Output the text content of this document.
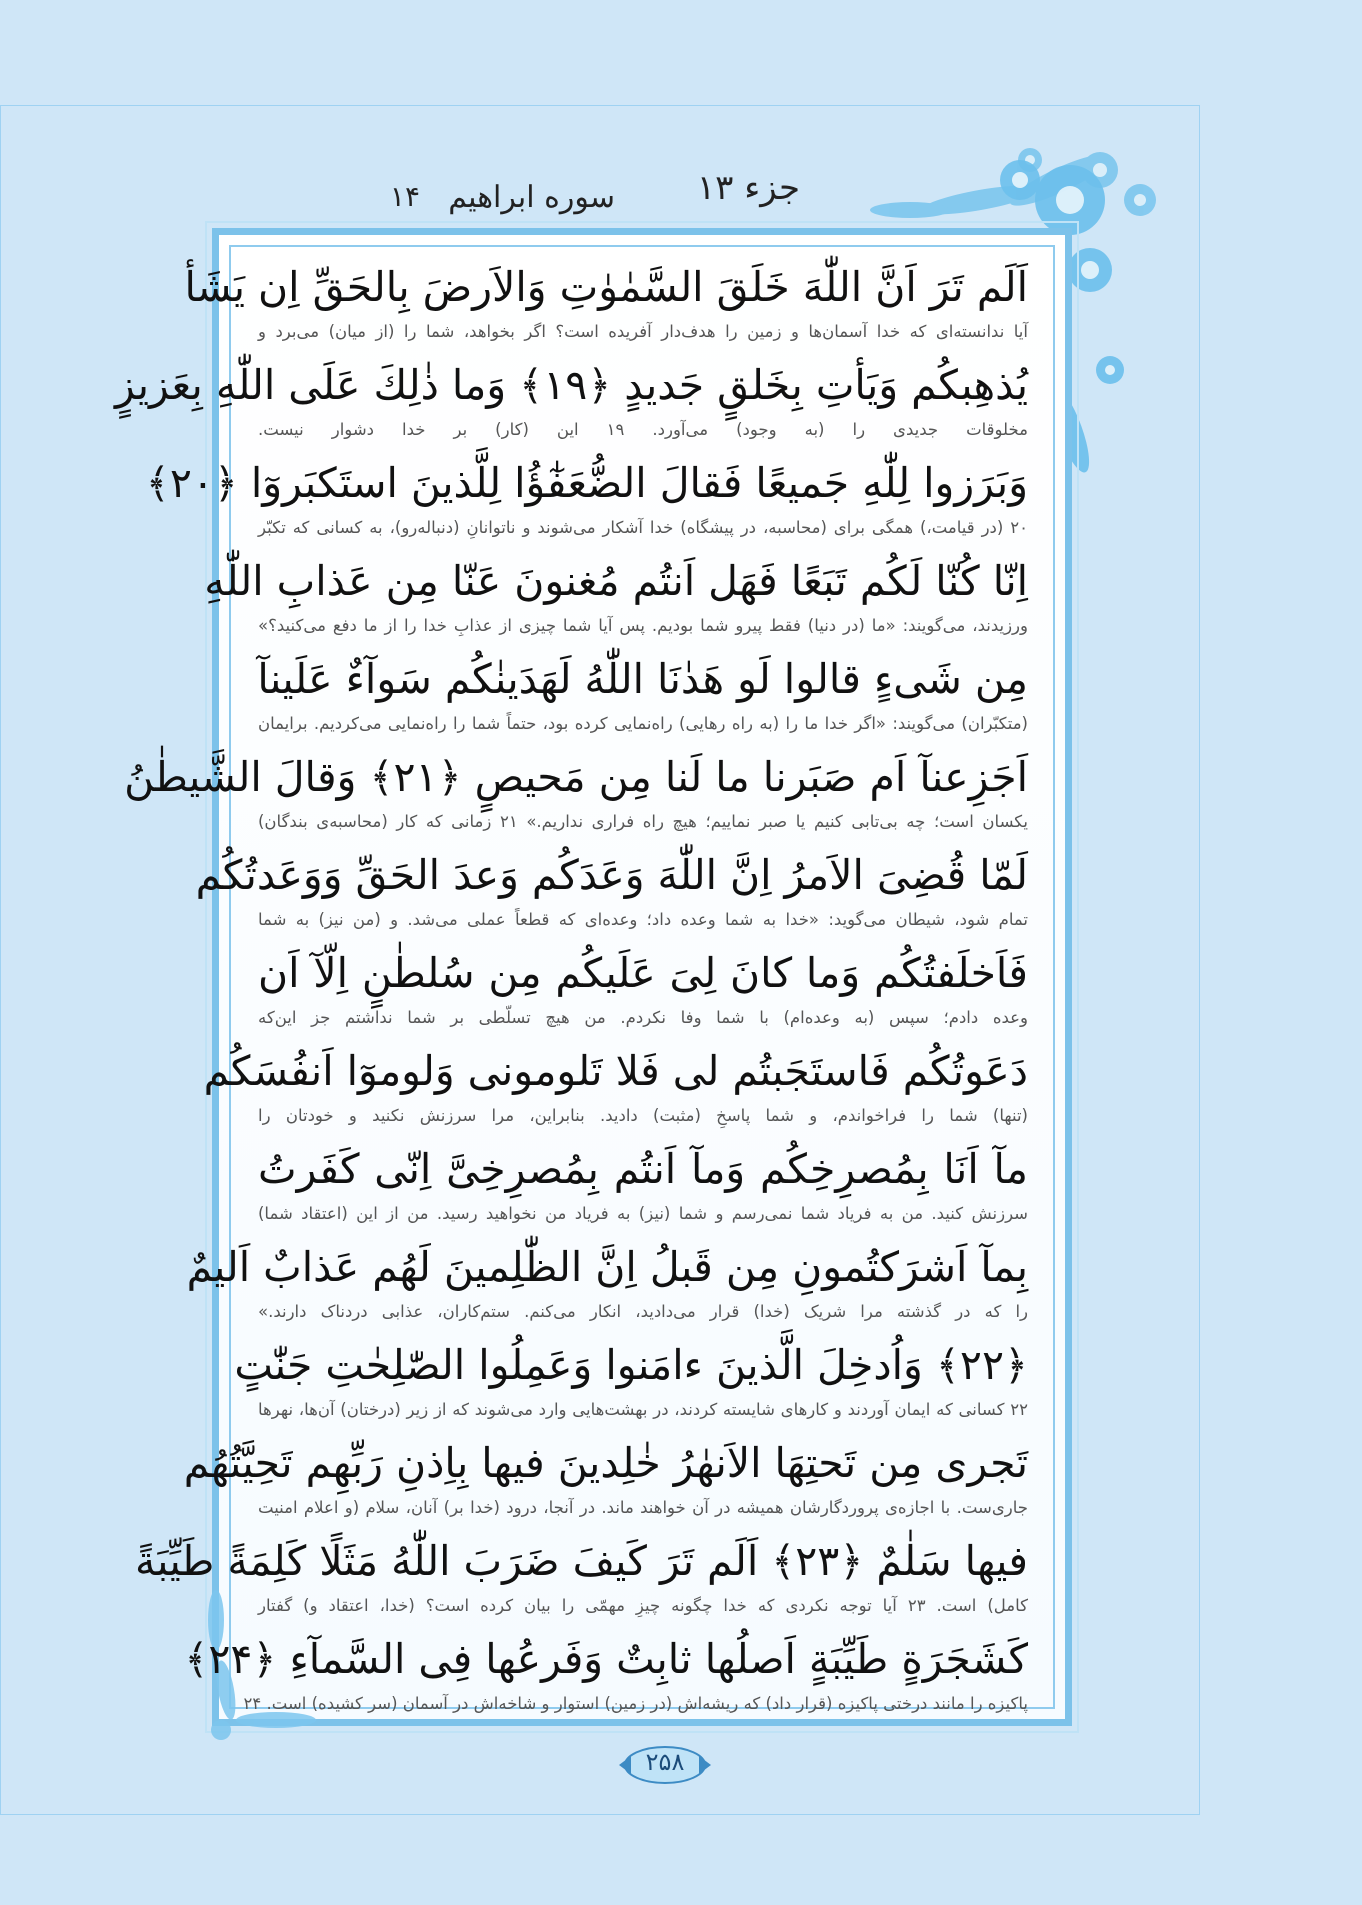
جزء ۱۳
سوره ابراهیم
۱۴
اَلَم تَرَ اَنَّ اللّٰهَ خَلَقَ السَّمٰوٰتِ وَالاَرضَ بِالحَقِّ اِن یَشَأ
آیا ندانسته‌ای که خدا آسمان‌ها و زمین را هدف‌دار آفریده است؟ اگر بخواهد، شما را (از میان) می‌برد و
یُذهِبکُم وَیَأتِ بِخَلقٍ جَدیدٍ ﴿۱۹﴾ وَما ذٰلِكَ عَلَی اللّٰهِ بِعَزیزٍ
مخلوقات جدیدی را (به وجود) می‌آورد. ۱۹ این (کار) بر خدا دشوار نیست.
وَبَرَزوا لِلّٰهِ جَمیعًا فَقالَ الضُّعَفٰٓؤُا لِلَّذینَ استَکبَروٓا ﴿۲۰﴾
۲۰ (در قیامت،) همگی برای (محاسبه، در پیشگاه) خدا آشکار می‌شوند و ناتوانانِ (دنباله‌رو)، به کسانی که تکبّر
اِنّا کُنّا لَکُم تَبَعًا فَهَل اَنتُم مُغنونَ عَنّا مِن عَذابِ اللّٰهِ
ورزیدند، می‌گویند: «ما (در دنیا) فقط پیرو شما بودیم. پس آیا شما چیزی از عذابِ خدا را از ما دفع می‌کنید؟»
مِن شَیءٍ قالوا لَو هَدٰنَا اللّٰهُ لَهَدَینٰکُم سَوآءٌ عَلَینآ
(متکبّران) می‌گویند: «اگر خدا ما را (به راه رهایی) راه‌نمایی کرده بود، حتماً شما را راه‌نمایی می‌کردیم. برایمان
اَجَزِعنآ اَم صَبَرنا ما لَنا مِن مَحیصٍ ﴿۲۱﴾ وَقالَ الشَّیطٰنُ
یکسان است؛ چه بی‌تابی کنیم یا صبر نماییم؛ هیچ راه فراری نداریم.» ۲۱ زمانی که کار (محاسبه‌ی بندگان)
لَمّا قُضِیَ الاَمرُ اِنَّ اللّٰهَ وَعَدَکُم وَعدَ الحَقِّ وَوَعَدتُکُم
تمام شود، شیطان می‌گوید: «خدا به شما وعده داد؛ وعده‌ای که قطعاً عملی می‌شد. و (من نیز) به شما
فَاَخلَفتُکُم وَما کانَ لِیَ عَلَیکُم مِن سُلطٰنٍ اِلّآ اَن
وعده دادم؛ سپس (به وعده‌ام) با شما وفا نکردم. من هیچ تسلّطی بر شما نداشتم جز این‌که
دَعَوتُکُم فَاستَجَبتُم لی فَلا تَلومونی وَلوموٓا اَنفُسَکُم
(تنها) شما را فراخواندم، و شما پاسخِ (مثبت) دادید. بنابراین، مرا سرزنش نکنید و خودتان را
مآ اَنَا بِمُصرِخِکُم وَمآ اَنتُم بِمُصرِخِیَّ اِنّی کَفَرتُ
سرزنش کنید. من به فریاد شما نمی‌رسم و شما (نیز) به فریاد من نخواهید رسید. من از این (اعتقاد شما)
بِمآ اَشرَکتُمونِ مِن قَبلُ اِنَّ الظّٰلِمینَ لَهُم عَذابٌ اَلیمٌ
را که در گذشته مرا شریک (خدا) قرار می‌دادید، انکار می‌کنم. ستم‌کاران، عذابی دردناک دارند.»
﴿۲۲﴾ وَاُدخِلَ الَّذینَ ءامَنوا وَعَمِلُوا الصّٰلِحٰتِ جَنّٰتٍ
۲۲ کسانی که ایمان آوردند و کارهای شایسته کردند، در بهشت‌هایی وارد می‌شوند که از زیر (درختان) آن‌ها، نهرها
تَجری مِن تَحتِهَا الاَنهٰرُ خٰلِدینَ فیها بِاِذنِ رَبِّهِم تَحِیَّتُهُم
جاری‌ست. با اجازه‌ی پروردگارشان همیشه در آن خواهند ماند. در آنجا، درود (خدا بر) آنان، سلام (و اعلام امنیت
فیها سَلٰمٌ ﴿۲۳﴾ اَلَم تَرَ کَیفَ ضَرَبَ اللّٰهُ مَثَلًا کَلِمَةً طَیِّبَةً
کامل) است. ۲۳ آیا توجه نکردی که خدا چگونه چیزِ مهمّی را بیان کرده است؟ (خدا، اعتقاد و) گفتار
کَشَجَرَةٍ طَیِّبَةٍ اَصلُها ثابِتٌ وَفَرعُها فِی السَّمآءِ ﴿۲۴﴾
پاکیزه را مانند درختی پاکیزه (قرار داد) که ریشه‌اش (در زمین) استوار و شاخه‌اش در آسمان (سر کشیده) است. ۲۴
۲۵۸
